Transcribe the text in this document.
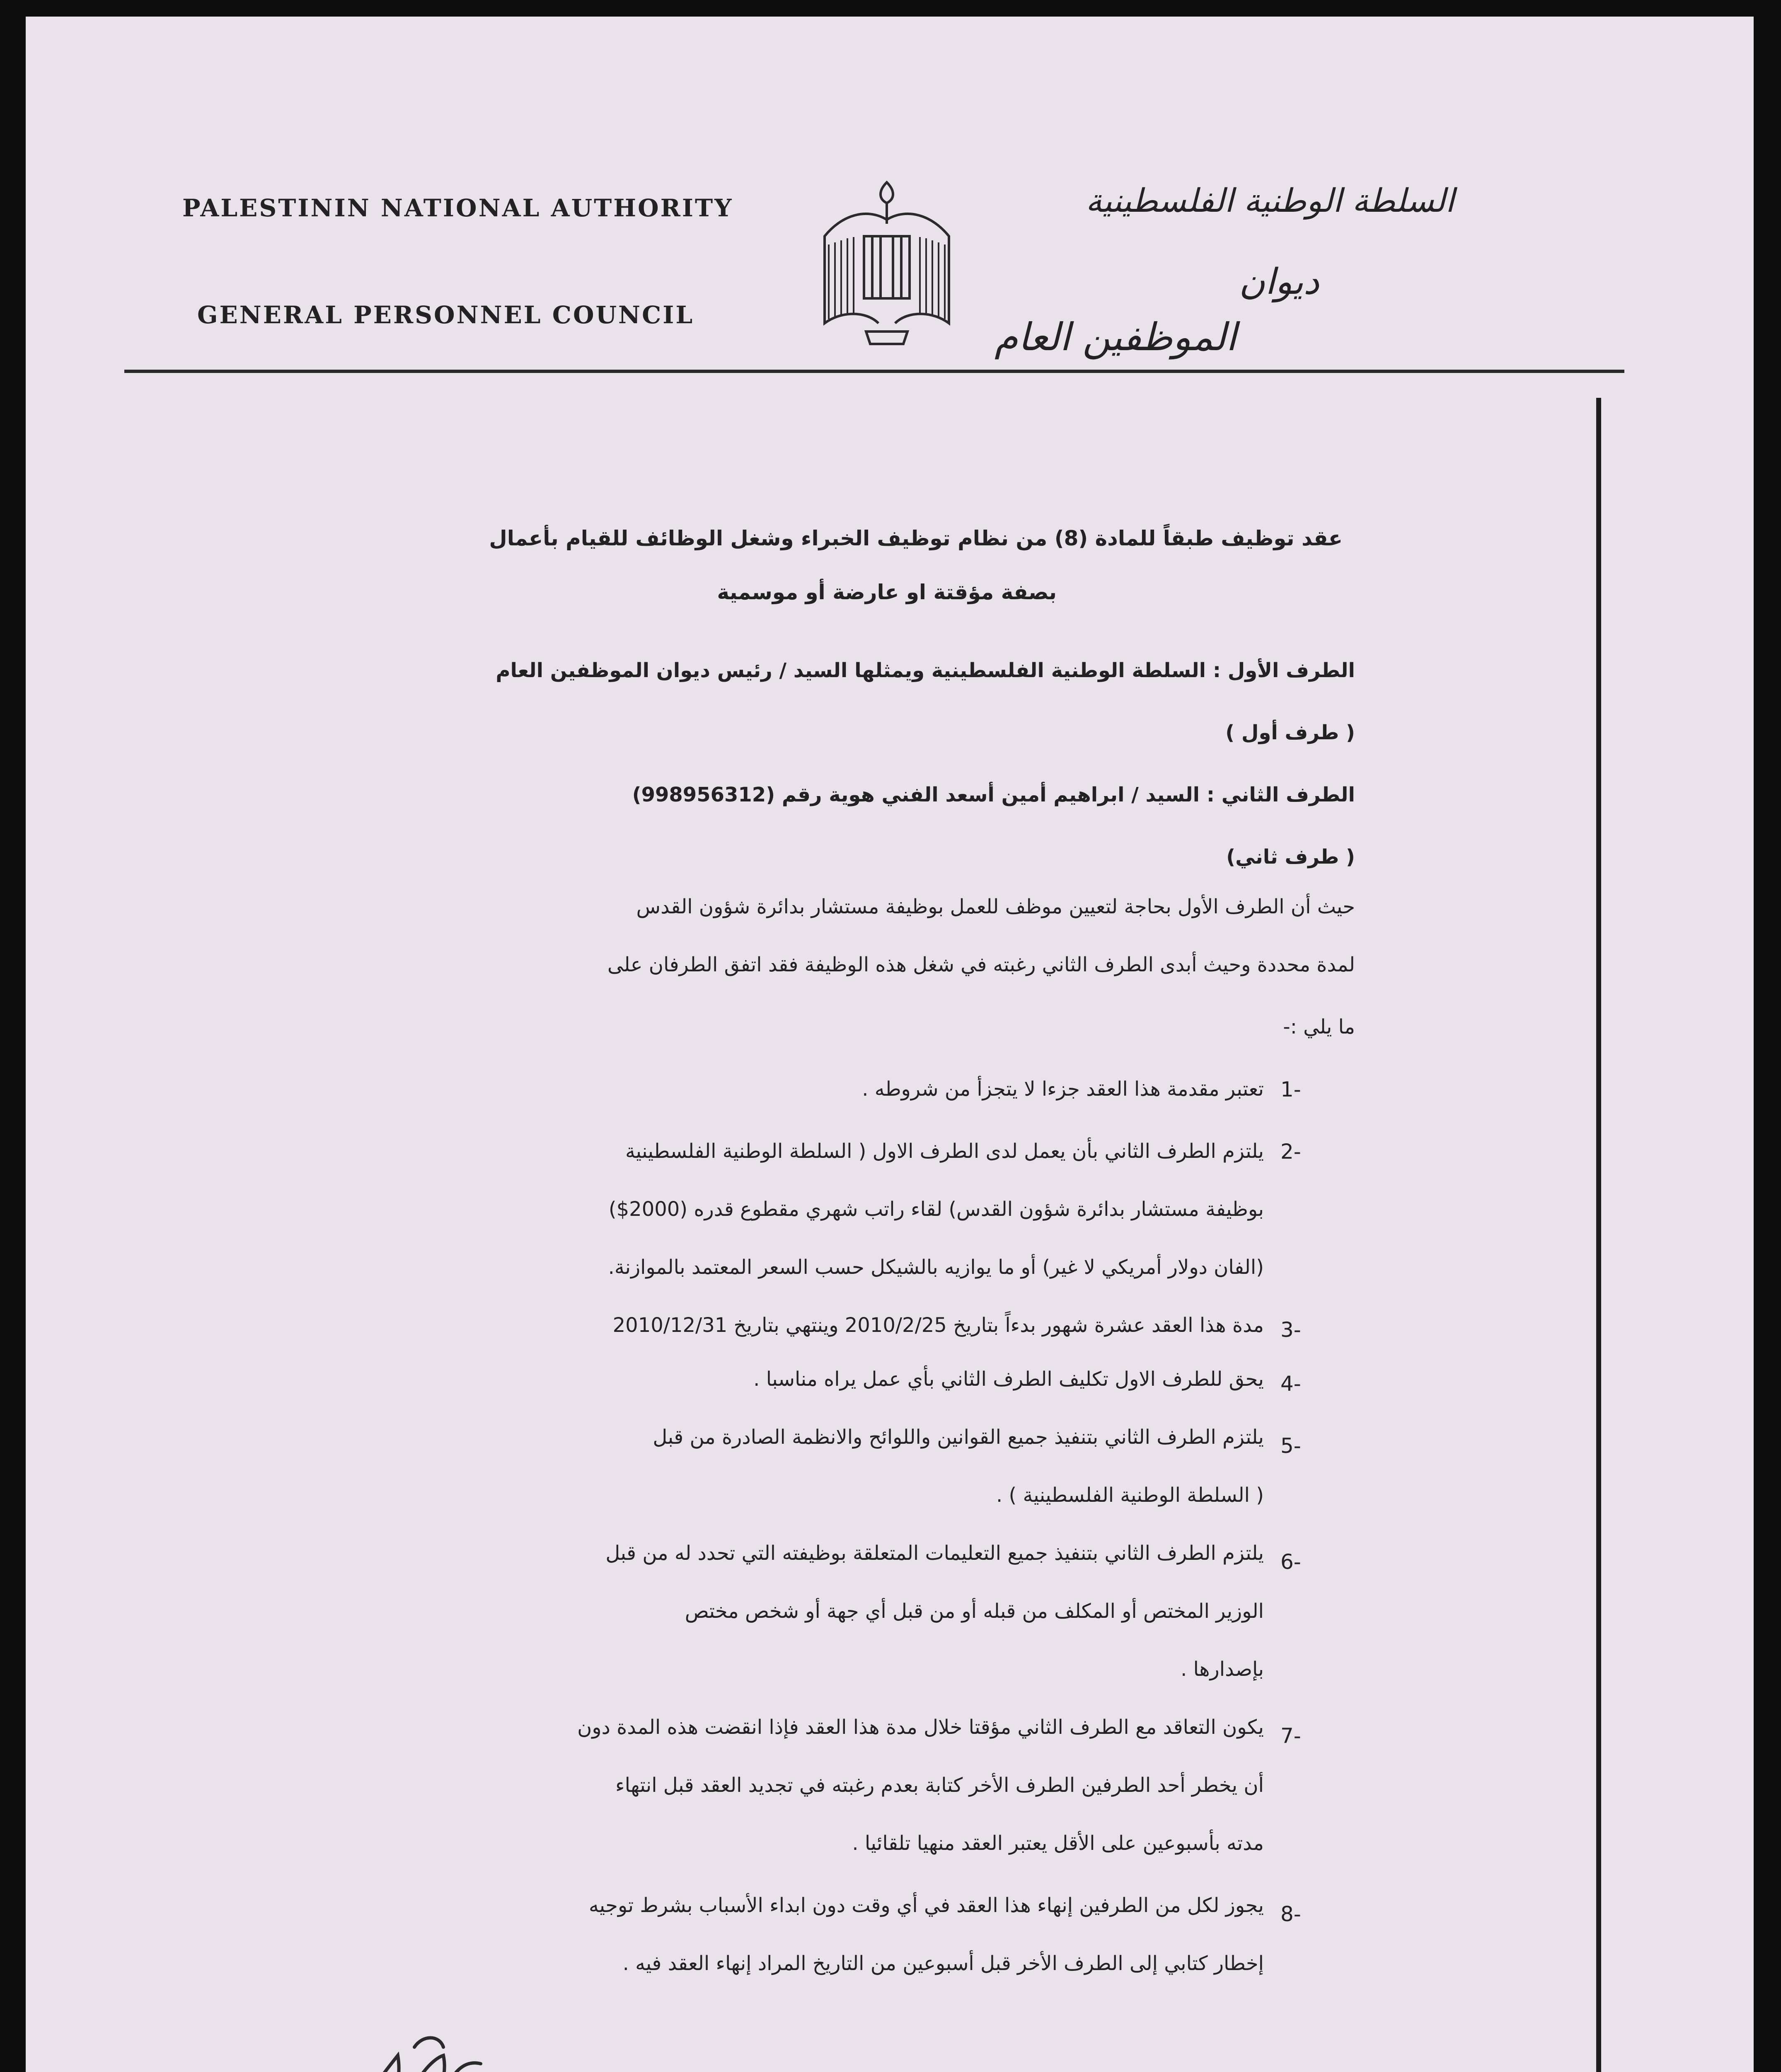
PALESTININ NATIONAL AUTHORITY
GENERAL PERSONNEL COUNCIL
السلطة الوطنية الفلسطينية
ديوان
الموظفين العام
عقد توظيف طبقاً للمادة (8) من نظام توظيف الخبراء وشغل الوظائف للقيام بأعمال
بصفة مؤقتة او عارضة أو موسمية
الطرف الأول : السلطة الوطنية الفلسطينية ويمثلها السيد / رئيس ديوان الموظفين العام
( طرف أول )
الطرف الثاني : السيد / ابراهيم أمين أسعد الفني هوية رقم (998956312)
( طرف ثاني)
حيث أن الطرف الأول بحاجة لتعيين موظف للعمل بوظيفة مستشار بدائرة شؤون القدس
لمدة محددة وحيث أبدى الطرف الثاني رغبته في شغل هذه الوظيفة فقد اتفق الطرفان على
ما يلي :-
1-
تعتبر مقدمة هذا العقد جزءا لا يتجزأ من شروطه .
2-
يلتزم الطرف الثاني بأن يعمل لدى الطرف الاول ( السلطة الوطنية الفلسطينية
بوظيفة مستشار بدائرة شؤون القدس) لقاء راتب شهري مقطوع قدره (2000$)
(الفان دولار أمريكي لا غير) أو ما يوازيه بالشيكل حسب السعر المعتمد بالموازنة.
3-
مدة هذا العقد عشرة شهور بدءاً بتاريخ 2010/2/25 وينتهي بتاريخ 2010/12/31
4-
يحق للطرف الاول تكليف الطرف الثاني بأي عمل يراه مناسبا .
5-
يلتزم الطرف الثاني بتنفيذ جميع القوانين واللوائح والانظمة الصادرة من قبل
( السلطة الوطنية الفلسطينية ) .
6-
يلتزم الطرف الثاني بتنفيذ جميع التعليمات المتعلقة بوظيفته التي تحدد له من قبل
الوزير المختص أو المكلف من قبله أو من قبل أي جهة أو شخص مختص
بإصدارها .
7-
يكون التعاقد مع الطرف الثاني مؤقتا خلال مدة هذا العقد فإذا انقضت هذه المدة دون
أن يخطر أحد الطرفين الطرف الأخر كتابة بعدم رغبته في تجديد العقد قبل انتهاء
مدته بأسبوعين على الأقل يعتبر العقد منهيا تلقائيا .
8-
يجوز لكل من الطرفين إنهاء هذا العقد في أي وقت دون ابداء الأسباب بشرط توجيه
إخطار كتابي إلى الطرف الأخر قبل أسبوعين من التاريخ المراد إنهاء العقد فيه .
